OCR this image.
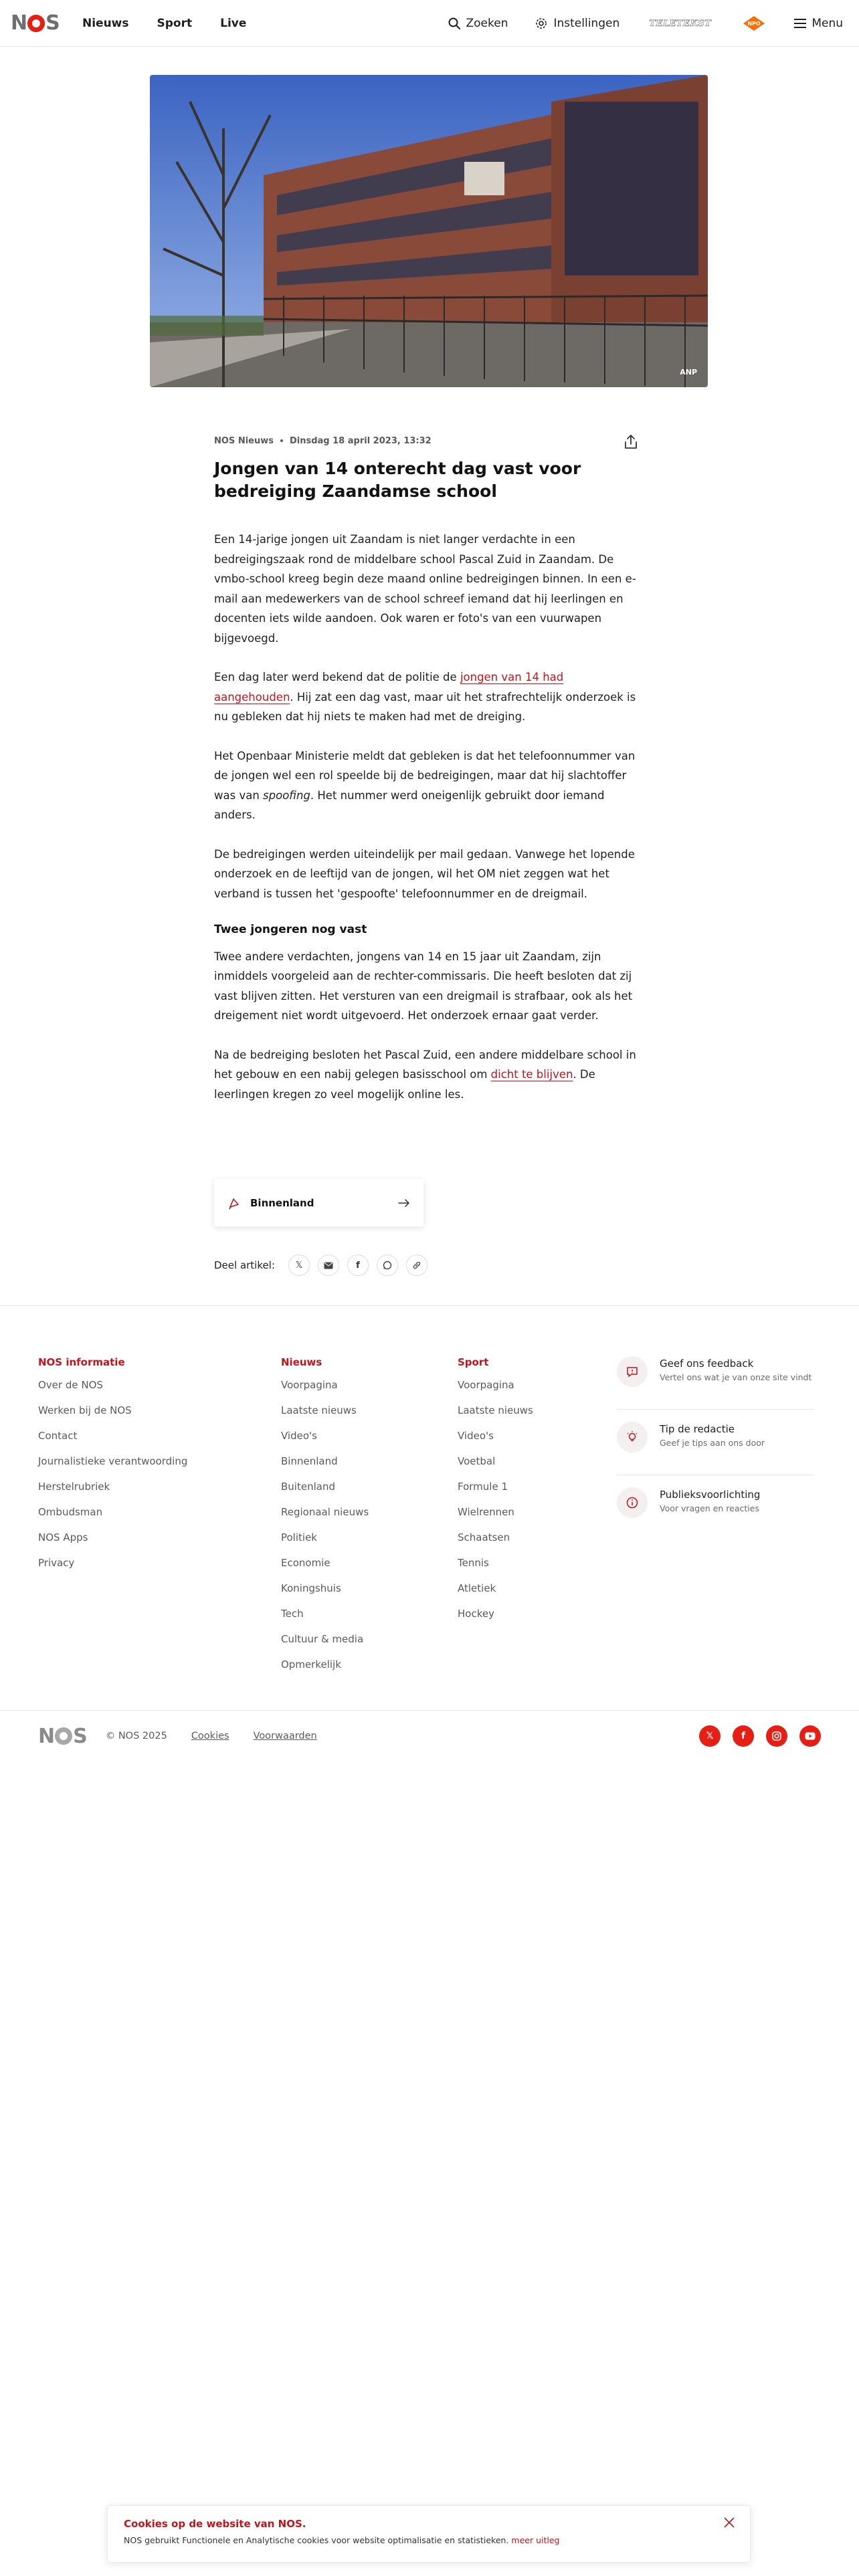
N S Nieuws Sport Live	Zoeken	Instellingen	TELETEKST	NPO	Menu
ANP
NOS Nieuws Dinsdag 18 april 2023, 13:32
Jongen van 14 onterecht dag vast voor bedreiging Zaandamse school

Een 14-jarige jongen uit Zaandam is niet langer verdachte in een bedreigingszaak rond de middelbare school Pascal Zuid in Zaandam. De vmbo-school kreeg begin deze maand online bedreigingen binnen. In een e-mail aan medewerkers van de school schreef iemand dat hij leerlingen en docenten iets wilde aandoen. Ook waren er foto's van een vuurwapen bijgevoegd.

Een dag later werd bekend dat de politie de jongen van 14 had aangehouden. Hij zat een dag vast, maar uit het strafrechtelijk onderzoek is nu gebleken dat hij niets te maken had met de dreiging.

Het Openbaar Ministerie meldt dat gebleken is dat het telefoonnummer van de jongen wel een rol speelde bij de bedreigingen, maar dat hij slachtoffer was van spoofing. Het nummer werd oneigenlijk gebruikt door iemand anders.

De bedreigingen werden uiteindelijk per mail gedaan. Vanwege het lopende onderzoek en de leeftijd van de jongen, wil het OM niet zeggen wat het verband is tussen het 'gespoofte' telefoonnummer en de dreigmail.

Twee jongeren nog vast

Twee andere verdachten, jongens van 14 en 15 jaar uit Zaandam, zijn inmiddels voorgeleid aan de rechter-commissaris. Die heeft besloten dat zij vast blijven zitten. Het versturen van een dreigmail is strafbaar, ook als het dreigement niet wordt uitgevoerd. Het onderzoek ernaar gaat verder.

Na de bedreiging besloten het Pascal Zuid, een andere middelbare school in het gebouw en een nabij gelegen basisschool om dicht te blijven. De leerlingen kregen zo veel mogelijk online les.

Binnenland
Deel artikel: 𝕏	f
NOS informatie
Over de NOS
Werken bij de NOS
Contact
Journalistieke verantwoording
Herstelrubriek
Ombudsman
NOS Apps
Privacy
Nieuws
Voorpagina
Laatste nieuws
Video's
Binnenland
Buitenland
Regionaal nieuws
Politiek
Economie
Koningshuis
Tech
Cultuur & media
Opmerkelijk
Sport
Voorpagina
Laatste nieuws
Video's
Voetbal
Formule 1
Wielrennen
Schaatsen
Tennis
Atletiek
Hockey
Geef ons feedback
Vertel ons wat je van onze site vindt
Tip de redactie
Geef je tips aan ons door
Publieksvoorlichting
Voor vragen en reacties
N S © NOS 2025 Cookies Voorwaarden	𝕏	f
Cookies op de website van NOS.
NOS gebruikt Functionele en Analytische cookies voor website optimalisatie en statistieken. meer uitleg
